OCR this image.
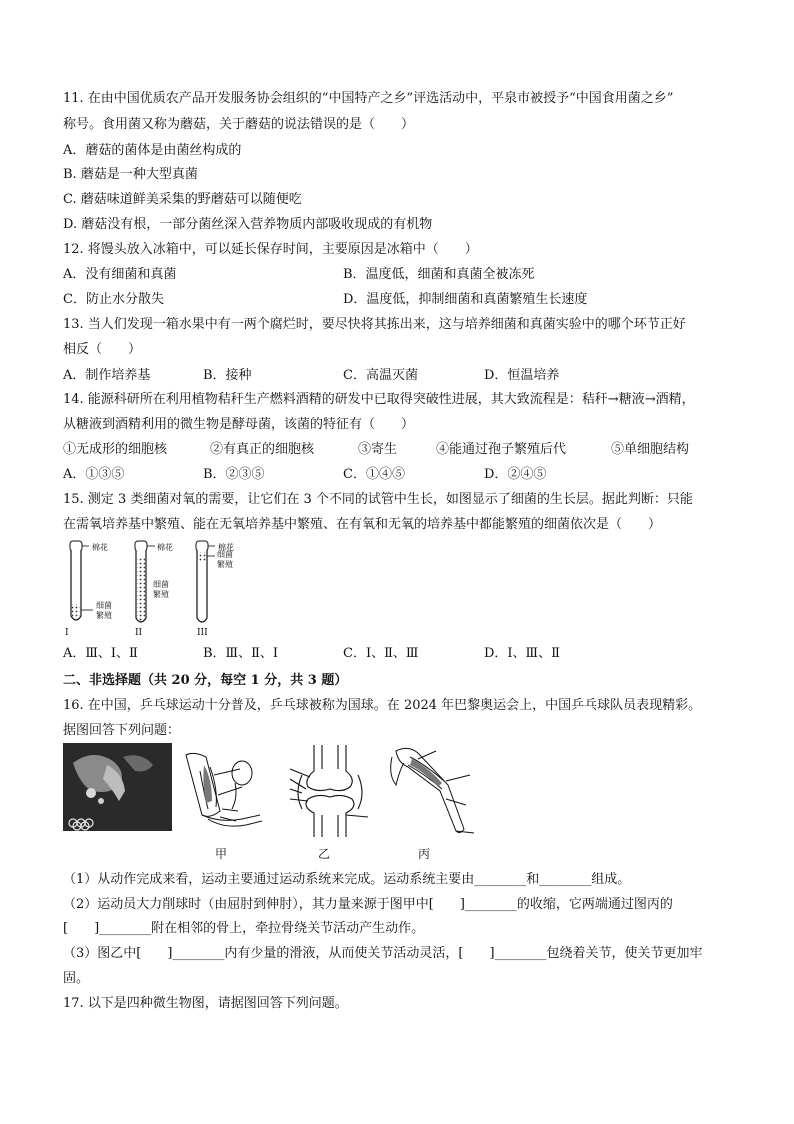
11. 在由中国优质农产品开发服务协会组织的“中国特产之乡”评选活动中，平泉市被授予“中国食用菌之乡”
称号。食用菌又称为蘑菇，关于蘑菇的说法错误的是（　　）
A．蘑菇的菌体是由菌丝构成的
B. 蘑菇是一种大型真菌
C. 蘑菇味道鲜美采集的野蘑菇可以随便吃
D. 蘑菇没有根，一部分菌丝深入营养物质内部吸收现成的有机物
12. 将馒头放入冰箱中，可以延长保存时间，主要原因是冰箱中（　　）
A．没有细菌和真菌	B．温度低，细菌和真菌全被冻死
C．防止水分散失	D．温度低，抑制细菌和真菌繁殖生长速度
13. 当人们发现一箱水果中有一两个腐烂时，要尽快将其拣出来，这与培养细菌和真菌实验中的哪个环节正好
相反（　　）
A．制作培养基	B．接种	C．高温灭菌	D．恒温培养
14. 能源科研所在利用植物秸秆生产燃料酒精的研发中已取得突破性进展，其大致流程是：秸秆→糖液→酒精，
从糖液到酒精利用的微生物是酵母菌，该菌的特征有（　　）
①无成形的细胞核	②有真正的细胞核	③寄生	④能通过孢子繁殖后代	⑤单细胞结构
A．①③⑤	B．②③⑤	C．①④⑤	D．②④⑤
15. 测定 3 类细菌对氧的需要，让它们在 3 个不同的试管中生长，如图显示了细菌的生长层。据此判断：只能
在需氧培养基中繁殖、能在无氧培养基中繁殖、在有氧和无氧的培养基中都能繁殖的细菌依次是（　　）
棉花
细菌
繁殖
棉花
细菌
繁殖
棉花
细菌
繁殖
I	II	III
A．Ⅲ、Ⅰ、Ⅱ	B．Ⅲ、Ⅱ、Ⅰ	C．Ⅰ、Ⅱ、Ⅲ	D．Ⅰ、Ⅲ、Ⅱ
二、非选择题（共 20 分，每空 1 分，共 3 题）
16. 在中国，乒乓球运动十分普及，乒乓球被称为国球。在 2024 年巴黎奥运会上，中国乒乓球队员表现精彩。
据图回答下列问题：
甲	乙	丙
（1）从动作完成来看，运动主要通过运动系统来完成。运动系统主要由________和________组成。
（2）运动员大力削球时（由屈肘到伸肘），其力量来源于图甲中[　　]________的收缩，它两端通过图丙的
[　　]________附在相邻的骨上，牵拉骨绕关节活动产生动作。
（3）图乙中[　　]________内有少量的滑液，从而使关节活动灵活，[　　]________包绕着关节，使关节更加牢
固。
17. 以下是四种微生物图，请据图回答下列问题。
